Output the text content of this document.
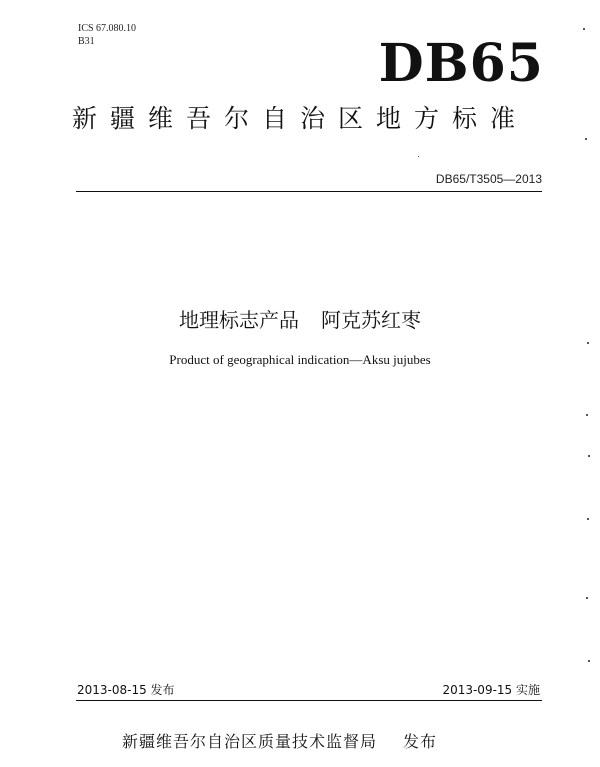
ICS 67.080.10
B31	DB65
新疆维吾尔自治区地方标准
DB65/T3505—2013
地理标志产品 阿克苏红枣
Product of geographical indication—Aksu jujubes
2013-08-15 发布	2013-09-15 实施
新疆维吾尔自治区质量技术监督局 发布
